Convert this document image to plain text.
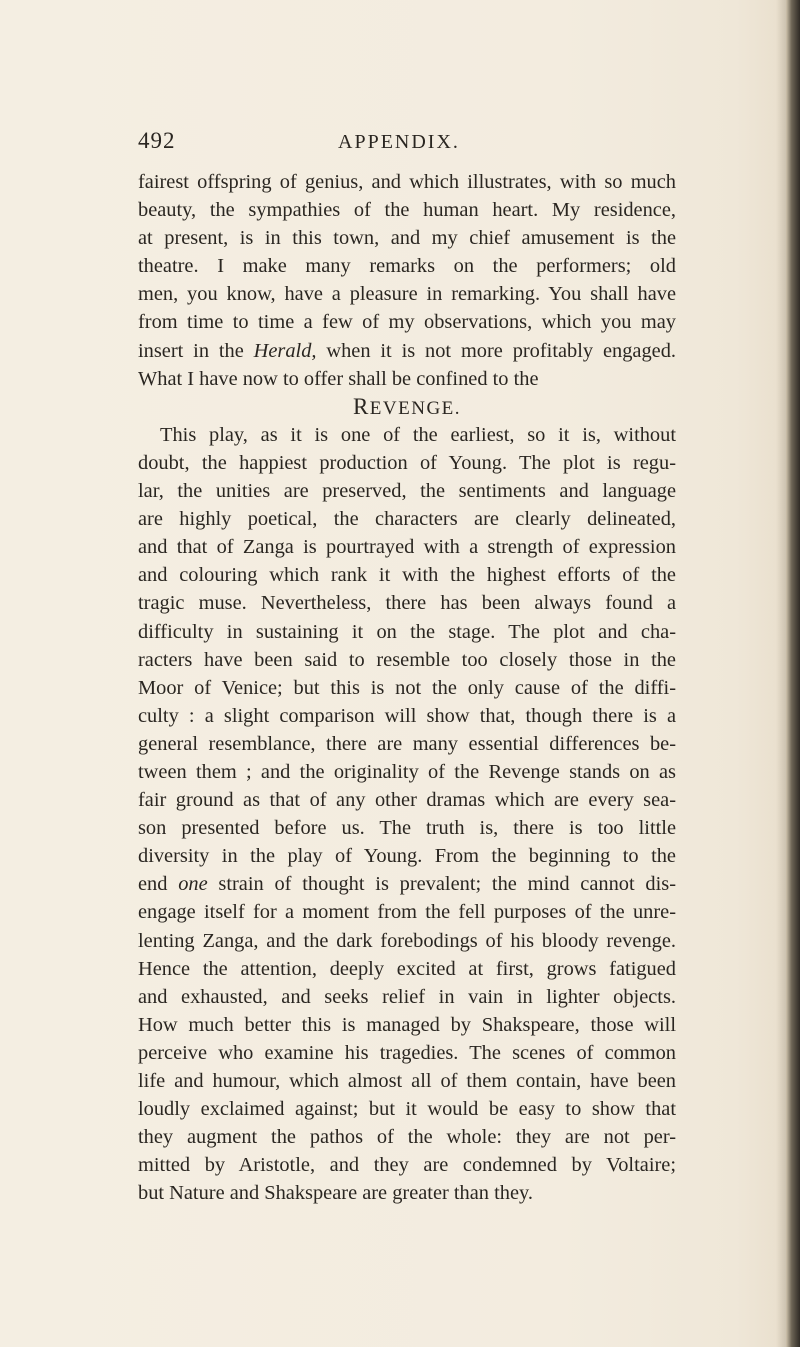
492	APPENDIX.
fairest offspring of genius, and which illustrates, with so much
beauty, the sympathies of the human heart. My residence,
at present, is in this town, and my chief amusement is the
theatre. I make many remarks on the performers; old
men, you know, have a pleasure in remarking. You shall have
from time to time a few of my observations, which you may
insert in the Herald, when it is not more profitably engaged.
What I have now to offer shall be confined to the
REVENGE.
This play, as it is one of the earliest, so it is, without
doubt, the happiest production of Young. The plot is regu-
lar, the unities are preserved, the sentiments and language
are highly poetical, the characters are clearly delineated,
and that of Zanga is pourtrayed with a strength of expression
and colouring which rank it with the highest efforts of the
tragic muse. Nevertheless, there has been always found a
difficulty in sustaining it on the stage. The plot and cha-
racters have been said to resemble too closely those in the
Moor of Venice; but this is not the only cause of the diffi-
culty : a slight comparison will show that, though there is a
general resemblance, there are many essential differences be-
tween them ; and the originality of the Revenge stands on as
fair ground as that of any other dramas which are every sea-
son presented before us. The truth is, there is too little
diversity in the play of Young. From the beginning to the
end one strain of thought is prevalent; the mind cannot dis-
engage itself for a moment from the fell purposes of the unre-
lenting Zanga, and the dark forebodings of his bloody revenge.
Hence the attention, deeply excited at first, grows fatigued
and exhausted, and seeks relief in vain in lighter objects.
How much better this is managed by Shakspeare, those will
perceive who examine his tragedies. The scenes of common
life and humour, which almost all of them contain, have been
loudly exclaimed against; but it would be easy to show that
they augment the pathos of the whole: they are not per-
mitted by Aristotle, and they are condemned by Voltaire;
but Nature and Shakspeare are greater than they.
